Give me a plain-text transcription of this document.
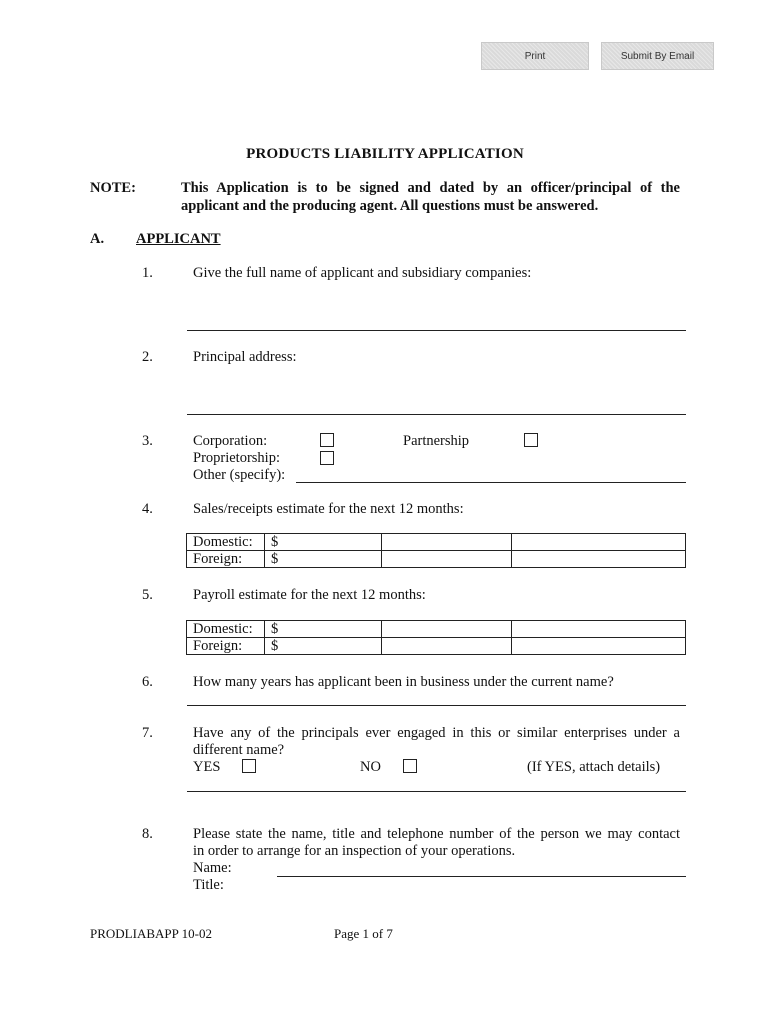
Print	Submit By Email
PRODUCTS LIABILITY APPLICATION
NOTE:	This Application is to be signed and dated by an officer/principal of the
applicant and the producing agent. All questions must be answered.
A. APPLICANT
1.	Give the full name of applicant and subsidiary companies:
2.	Principal address:
3.	Corporation:	Partnership
Proprietorship:
Other (specify):
4.	Sales/receipts estimate for the next 12 months:
Domestic:	$		
Foreign:	$		
5.	Payroll estimate for the next 12 months:
Domestic:	$		
Foreign:	$		
6.	How many years has applicant been in business under the current name?
7.	Have any of the principals ever engaged in this or similar enterprises under a
different name?
YES	NO	(If YES, attach details)
8.	Please state the name, title and telephone number of the person we may contact
in order to arrange for an inspection of your operations.
Name:
Title:
PRODLIABAPP 10-02	Page 1 of 7
